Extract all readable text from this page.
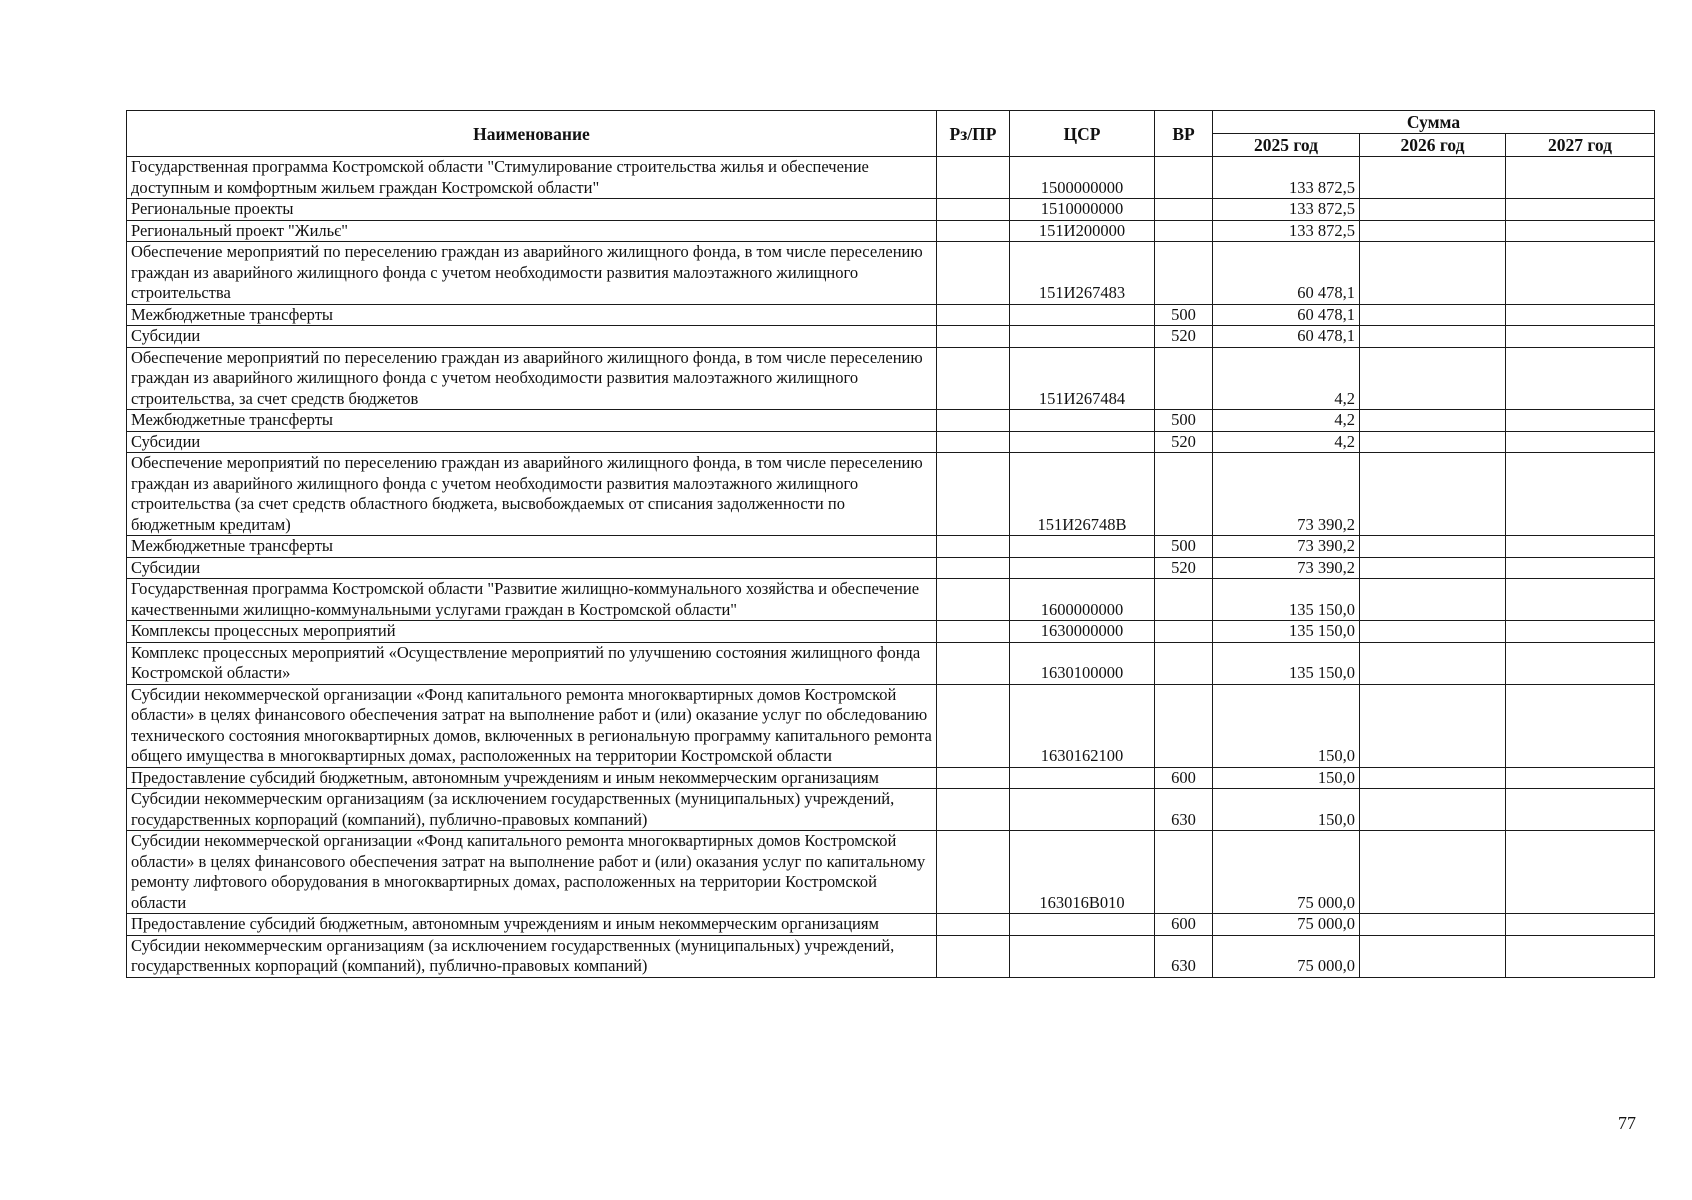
Наименование	Рз/ПР	ЦСР	ВР	Сумма		
				2025 год	2026 год	2027 год
Государственная программа Костромской области "Стимулирование строительства жилья и обеспечение доступным и комфортным жильем граждан Костромской области"		1500000000		133 872,5		
Региональные проекты		1510000000		133 872,5		
Региональный проект "Жильє"		151И200000		133 872,5		
Обеспечение мероприятий по переселению граждан из аварийного жилищного фонда, в том числе переселению граждан из аварийного жилищного фонда с учетом необходимости развития малоэтажного жилищного строительства		151И267483		60 478,1		
Межбюджетные трансферты			500	60 478,1		
Субсидии			520	60 478,1		
Обеспечение мероприятий по переселению граждан из аварийного жилищного фонда, в том числе переселению граждан из аварийного жилищного фонда с учетом необходимости развития малоэтажного жилищного строительства, за счет средств бюджетов		151И267484		4,2		
Межбюджетные трансферты			500	4,2		
Субсидии			520	4,2		
Обеспечение мероприятий по переселению граждан из аварийного жилищного фонда, в том числе переселению граждан из аварийного жилищного фонда с учетом необходимости развития малоэтажного жилищного строительства (за счет средств областного бюджета, высвобождаемых от списания задолженности по бюджетным кредитам)		151И26748В		73 390,2		
Межбюджетные трансферты			500	73 390,2		
Субсидии			520	73 390,2		
Государственная программа Костромской области "Развитие жилищно-коммунального хозяйства и обеспечение качественными жилищно-коммунальными услугами граждан в Костромской области"		1600000000		135 150,0		
Комплексы процессных мероприятий		1630000000		135 150,0		
Комплекс процессных мероприятий «Осуществление мероприятий по улучшению состояния жилищного фонда Костромской области»		1630100000		135 150,0		
Субсидии некоммерческой организации «Фонд капитального ремонта многоквартирных домов Костромской области» в целях финансового обеспечения затрат на выполнение работ и (или) оказание услуг по обследованию технического состояния многоквартирных домов, включенных в региональную программу капитального ремонта общего имущества в многоквартирных домах, расположенных на территории Костромской области		1630162100		150,0		
Предоставление субсидий бюджетным, автономным учреждениям и иным некоммерческим организациям			600	150,0		
Субсидии некоммерческим организациям (за исключением государственных (муниципальных) учреждений, государственных корпораций (компаний), публично-правовых компаний)			630	150,0		
Субсидии некоммерческой организации «Фонд капитального ремонта многоквартирных домов Костромской области» в целях финансового обеспечения затрат на выполнение работ и (или) оказания услуг по капитальному ремонту лифтового оборудования в многоквартирных домах, расположенных на территории Костромской области		163016В010		75 000,0		
Предоставление субсидий бюджетным, автономным учреждениям и иным некоммерческим организациям			600	75 000,0		
Субсидии некоммерческим организациям (за исключением государственных (муниципальных) учреждений, государственных корпораций (компаний), публично-правовых компаний)			630	75 000,0		
77
